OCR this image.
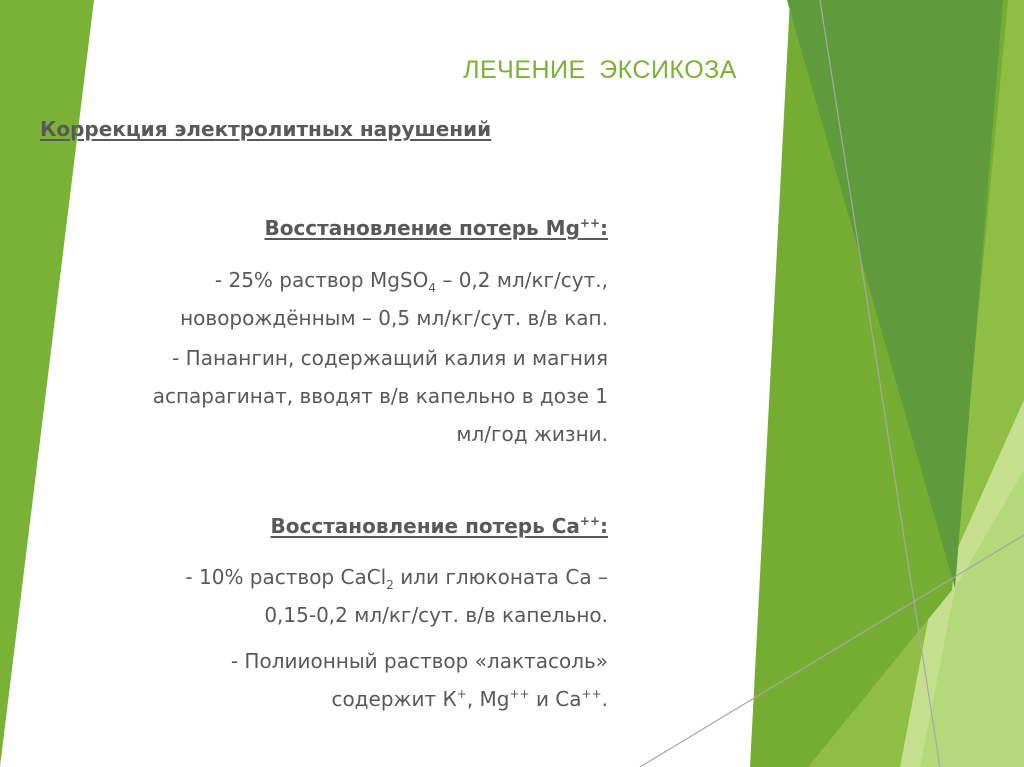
ЛЕЧЕНИЕ ЭКСИКОЗА
Коррекция электролитных нарушений
Восстановление потерь Mg++:
- 25% раствор MgSO$_4$ – 0,2 мл/кг/сут.,
новорождённым – 0,5 мл/кг/сут. в/в кап.
- Панангин, содержащий калия и магния
аспарагинат, вводят в/в капельно в дозе 1
мл/год жизни.
Восстановление потерь Са++:
- 10% раствор CaCl$_2$ или глюконата Са –
0,15-0,2 мл/кг/сут. в/в капельно.
- Полиионный раствор «лактасоль»
содержит К+, Mg++ и Са++.
